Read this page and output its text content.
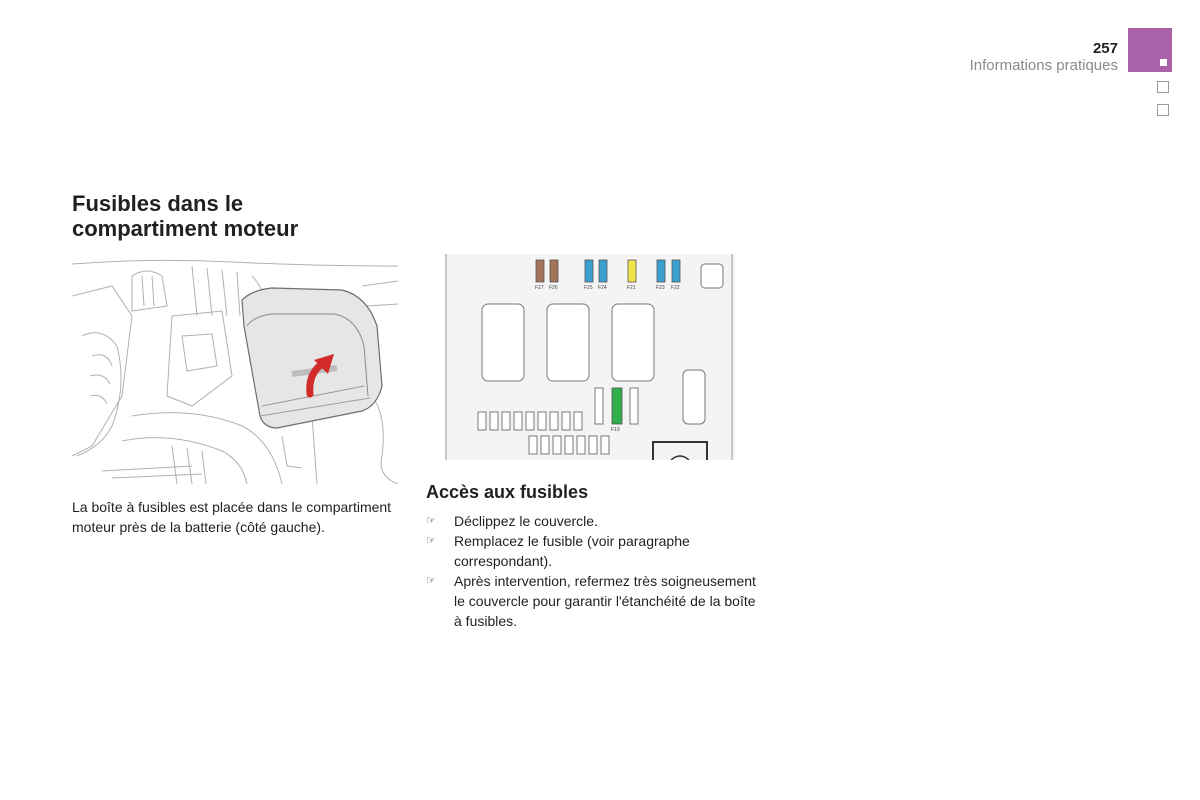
257
Informations pratiques
Fusibles dans le compartiment moteur
F27 F26	F25 F24	F21	F23 F22
F19

La boîte à fusibles est placée dans le compartiment moteur près de la batterie (côté gauche).

Accès aux fusibles
☞ Déclippez le couvercle.
☞ Remplacez le fusible (voir paragraphe correspondant).
☞ Après intervention, refermez très soigneusement le couvercle pour garantir l'étanchéité de la boîte à fusibles.
